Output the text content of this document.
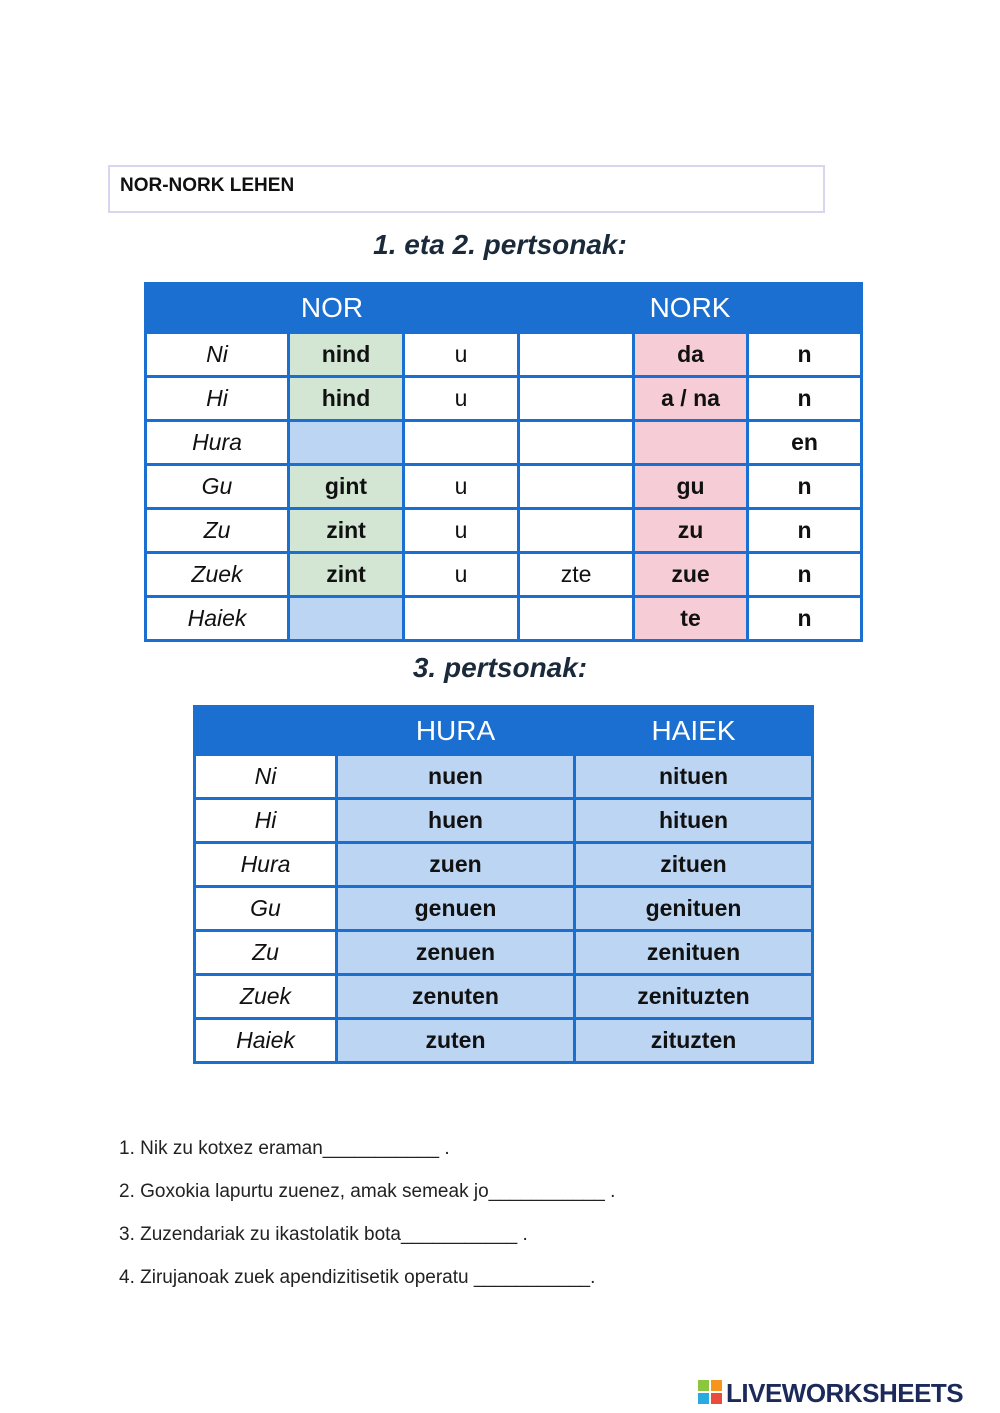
NOR-NORK LEHEN
1. eta 2. pertsonak:
NOR			NORK		
Ni	nind	u		da	n
Hi	hind	u		a / na	n
Hura					en
Gu	gint	u		gu	n
Zu	zint	u		zu	n
Zuek	zint	u	zte	zue	n
Haiek				te	n
3. pertsonak:
	HURA	HAIEK
Ni	nuen	nituen
Hi	huen	hituen
Hura	zuen	zituen
Gu	genuen	genituen
Zu	zenuen	zenituen
Zuek	zenuten	zenituzten
Haiek	zuten	zituzten
1. Nik zu kotxez eraman___________ .
2. Goxokia lapurtu zuenez, amak semeak jo___________ .
3. Zuzendariak zu ikastolatik bota___________ .
4. Zirujanoak zuek apendizitisetik operatu ___________.
LIVEWORKSHEETS
